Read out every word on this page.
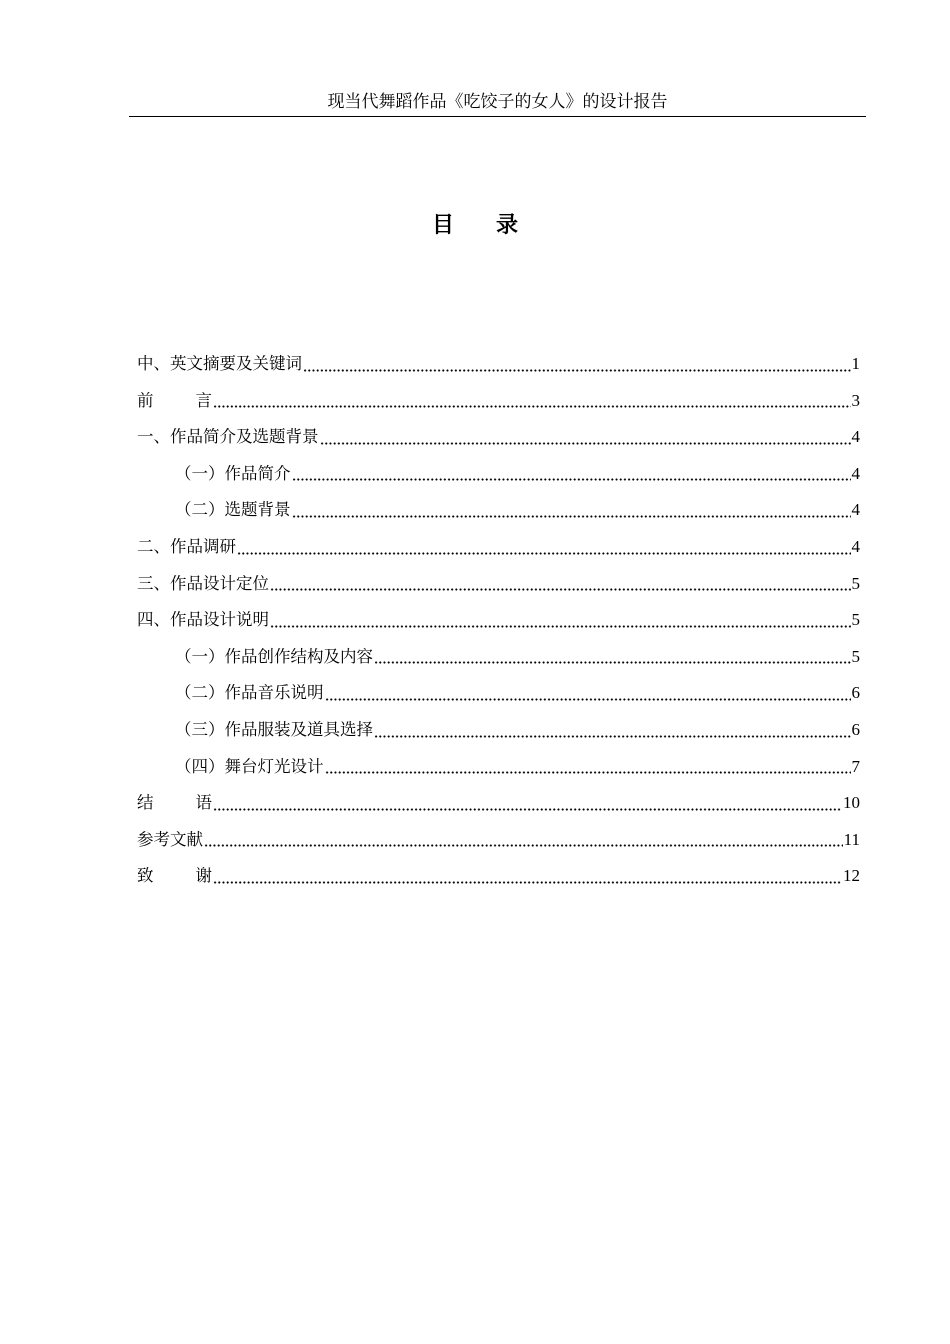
现当代舞蹈作品《吃饺子的女人》的设计报告
目 录
中、英文摘要及关键词	1
前	言	3
一、作品简介及选题背景	4
（一）作品简介	4
（二）选题背景	4
二、作品调研	4
三、作品设计定位	5
四、作品设计说明	5
（一）作品创作结构及内容	5
（二）作品音乐说明	6
（三）作品服装及道具选择	6
（四）舞台灯光设计	7
结	语	10
参考文献	11
致	谢	12
